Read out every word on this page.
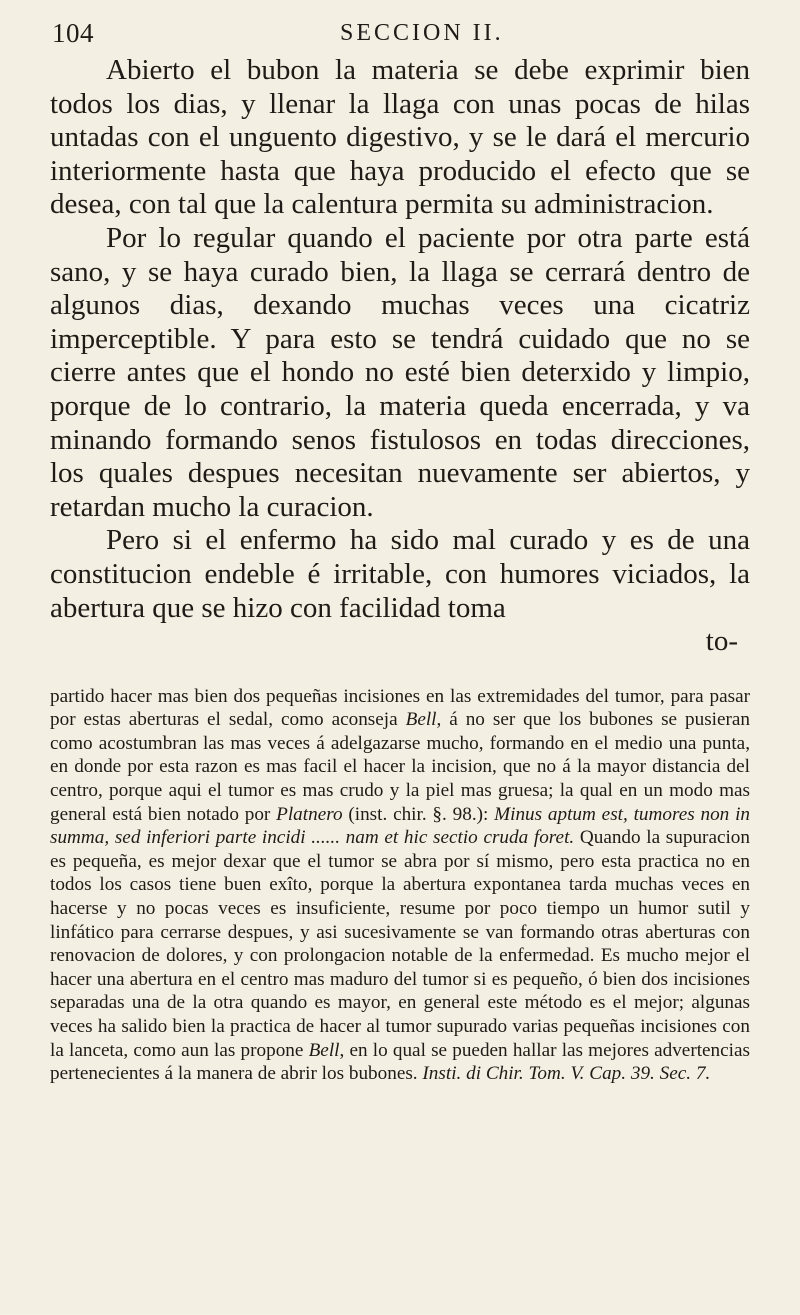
104	SECCION II.

Abierto el bubon la materia se debe exprimir bien todos los dias, y llenar la llaga con unas pocas de hilas untadas con el unguento digestivo, y se le dará el mercurio interiormente hasta que haya producido el efecto que se desea, con tal que la calentura permita su administracion.

Por lo regular quando el paciente por otra parte está sano, y se haya curado bien, la llaga se cerrará dentro de algunos dias, dexando muchas veces una cicatriz imperceptible. Y para esto se tendrá cuidado que no se cierre antes que el hondo no esté bien deterxido y limpio, porque de lo contrario, la materia queda encerrada, y va minando formando senos fistulosos en todas direcciones, los quales despues necesitan nuevamente ser abiertos, y retardan mucho la curacion.

Pero si el enfermo ha sido mal curado y es de una constitucion endeble é irritable, con humores viciados, la abertura que se hizo con facilidad toma

to-

partido hacer mas bien dos pequeñas incisiones en las extremidades del tumor, para pasar por estas aberturas el sedal, como aconseja Bell, á no ser que los bubones se pusieran como acostumbran las mas veces á adelgazarse mucho, formando en el medio una punta, en donde por esta razon es mas facil el hacer la incision, que no á la mayor distancia del centro, porque aqui el tumor es mas crudo y la piel mas gruesa; la qual en un modo mas general está bien notado por Platnero (inst. chir. §. 98.): Minus aptum est, tumores non in summa, sed inferiori parte incidi ...... nam et hic sectio cruda foret. Quando la supuracion es pequeña, es mejor dexar que el tumor se abra por sí mismo, pero esta practica no en todos los casos tiene buen exîto, porque la abertura expontanea tarda muchas veces en hacerse y no pocas veces es insuficiente, resume por poco tiempo un humor sutil y linfático para cerrarse despues, y asi sucesivamente se van formando otras aberturas con renovacion de dolores, y con prolongacion notable de la enfermedad. Es mucho mejor el hacer una abertura en el centro mas maduro del tumor si es pequeño, ó bien dos incisiones separadas una de la otra quando es mayor, en general este método es el mejor; algunas veces ha salido bien la practica de hacer al tumor supurado varias pequeñas incisiones con la lanceta, como aun las propone Bell, en lo qual se pueden hallar las mejores advertencias pertenecientes á la manera de abrir los bubones. Insti. di Chir. Tom. V. Cap. 39. Sec. 7.
